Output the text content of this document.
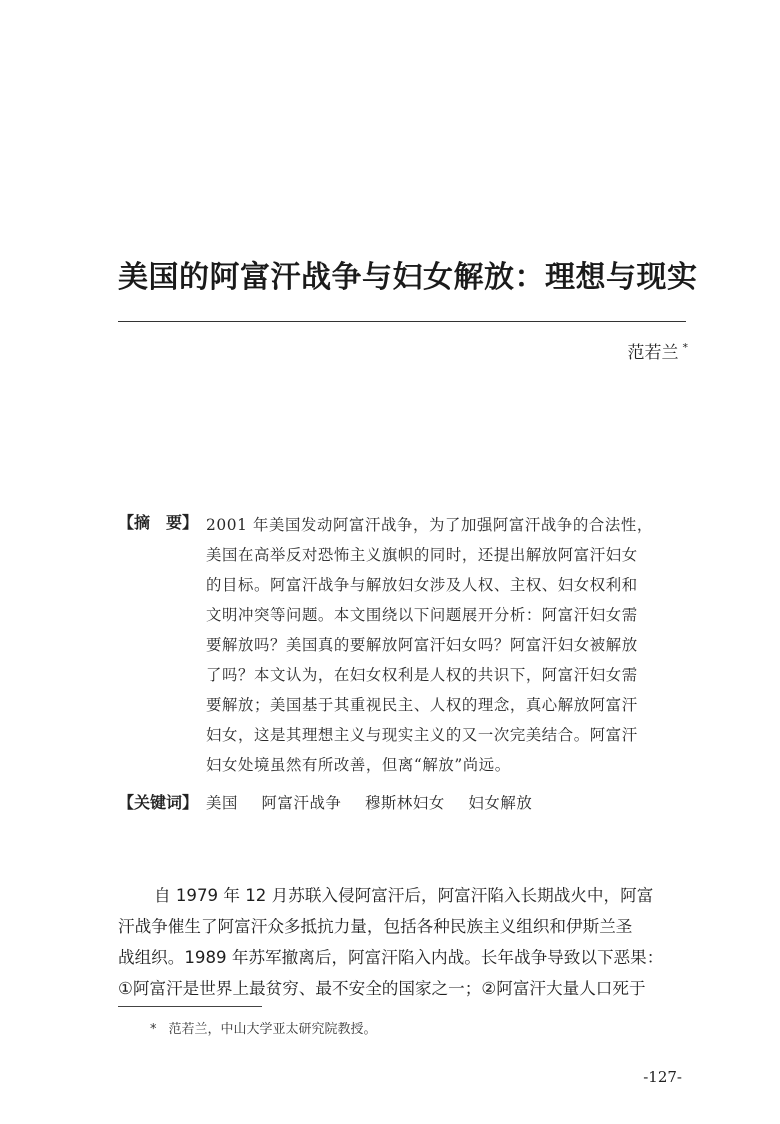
美国的阿富汗战争与妇女解放：理想与现实
范若兰 *
【摘　要】 2001 年美国发动阿富汗战争，为了加强阿富汗战争的合法性，
美国在高举反对恐怖主义旗帜的同时，还提出解放阿富汗妇女
的目标。阿富汗战争与解放妇女涉及人权、主权、妇女权利和
文明冲突等问题。本文围绕以下问题展开分析：阿富汗妇女需
要解放吗？美国真的要解放阿富汗妇女吗？阿富汗妇女被解放
了吗？本文认为，在妇女权利是人权的共识下，阿富汗妇女需
要解放；美国基于其重视民主、人权的理念，真心解放阿富汗
妇女，这是其理想主义与现实主义的又一次完美结合。阿富汗
妇女处境虽然有所改善，但离“解放”尚远。
【关键词】 美国 阿富汗战争 穆斯林妇女 妇女解放
自 1979 年 12 月苏联入侵阿富汗后，阿富汗陷入长期战火中，阿富
汗战争催生了阿富汗众多抵抗力量，包括各种民族主义组织和伊斯兰圣
战组织。1989 年苏军撤离后，阿富汗陷入内战。长年战争导致以下恶果：
①阿富汗是世界上最贫穷、最不安全的国家之一；②阿富汗大量人口死于
* 范若兰，中山大学亚太研究院教授。
-127-
